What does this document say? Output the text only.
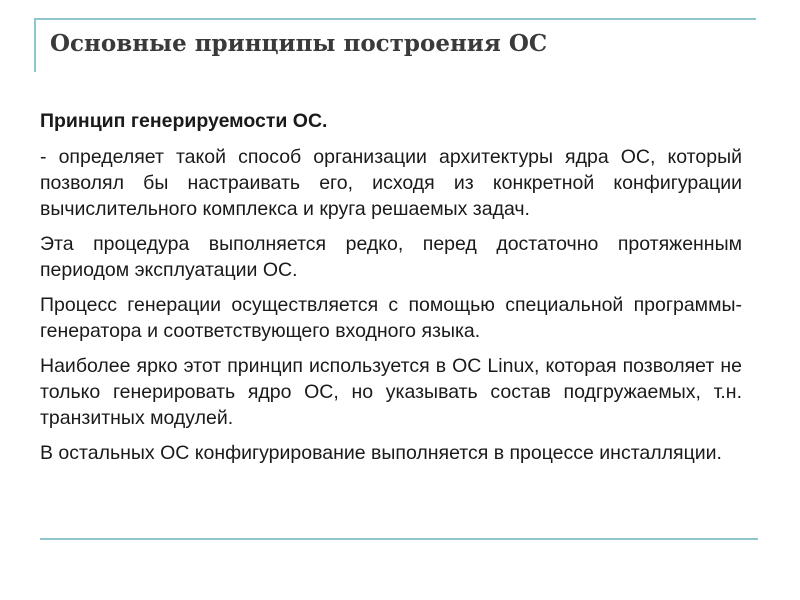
Основные принципы построения ОС

Принцип генерируемости ОС.

- определяет такой способ организации архитектуры ядра ОС, который позволял бы настраивать его, исходя из конкретной конфигурации вычислительного комплекса и круга решаемых задач.

Эта процедура выполняется редко, перед достаточно протяженным периодом эксплуатации ОС.

Процесс генерации осуществляется с помощью специальной программы-генератора и соответствующего входного языка.

Наиболее ярко этот принцип используется в ОС Linux, которая позволяет не только генерировать ядро ОС, но указывать состав подгружаемых, т.н. транзитных модулей.

В остальных ОС конфигурирование выполняется в процессе инсталляции.
